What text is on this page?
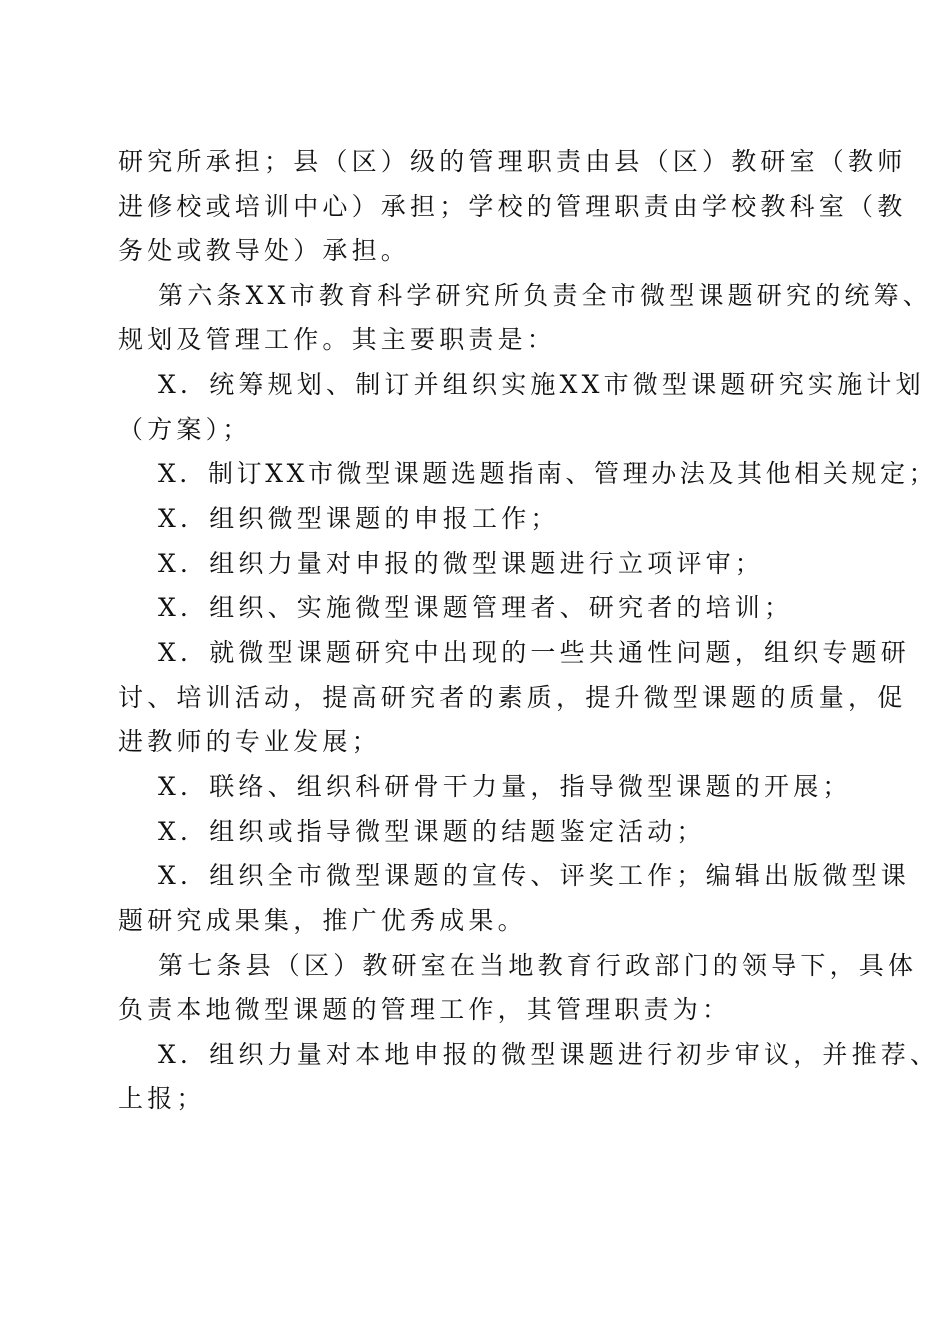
研究所承担；县（区）级的管理职责由县（区）教研室（教师
进修校或培训中心）承担；学校的管理职责由学校教科室（教
务处或教导处）承担。
第六条XX市教育科学研究所负责全市微型课题研究的统筹、
规划及管理工作。其主要职责是：
X．统筹规划、制订并组织实施XX市微型课题研究实施计划
（方案）；
X．制订XX市微型课题选题指南、管理办法及其他相关规定；
X．组织微型课题的申报工作；
X．组织力量对申报的微型课题进行立项评审；
X．组织、实施微型课题管理者、研究者的培训；
X．就微型课题研究中出现的一些共通性问题，组织专题研
讨、培训活动，提高研究者的素质，提升微型课题的质量，促
进教师的专业发展；
X．联络、组织科研骨干力量，指导微型课题的开展；
X．组织或指导微型课题的结题鉴定活动；
X．组织全市微型课题的宣传、评奖工作；编辑出版微型课
题研究成果集，推广优秀成果。
第七条县（区）教研室在当地教育行政部门的领导下，具体
负责本地微型课题的管理工作，其管理职责为：
X．组织力量对本地申报的微型课题进行初步审议，并推荐、
上报；
